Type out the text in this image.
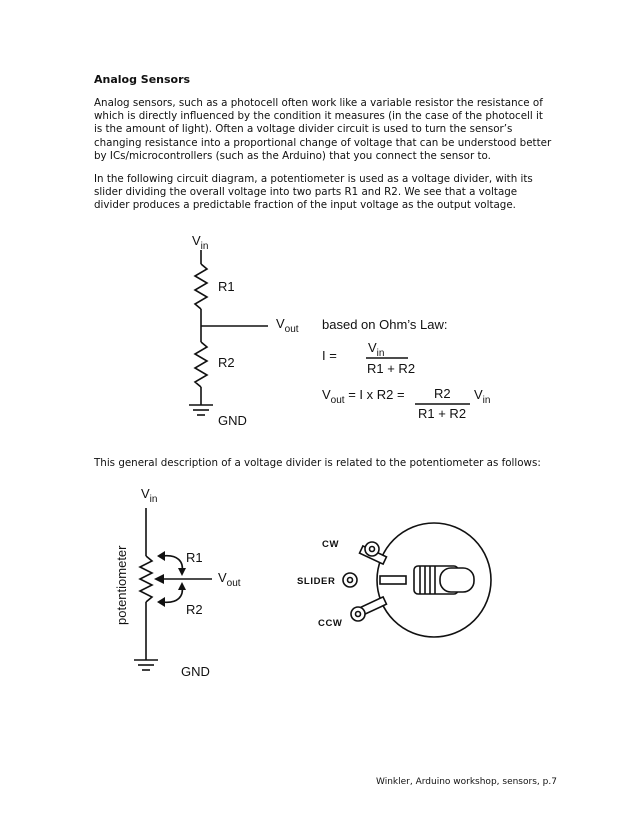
Analog Sensors

Analog sensors, such as a photocell often work like a variable resistor the resistance of which is directly influenced by the condition it measures (in the case of the photocell it is the amount of light). Often a voltage divider circuit is used to turn the sensor’s changing resistance into a proportional change of voltage that can be understood better by ICs/microcontrollers (such as the Arduino) that you connect the sensor to.

In the following circuit diagram, a potentiometer is used as a voltage divider, with its slider dividing the overall voltage into two parts R1 and R2. We see that a voltage divider produces a predictable fraction of the input voltage as the output voltage.

$V_{in}$
R1
$V_{out}$ based on Ohm’s Law:
R2
GND
I =
$V_{in}$
R1 + R2
$V_{out} = I$ x R2 = R2
R1 + R2
$V_{in}$

This general description of a voltage divider is related to the potentiometer as follows:

$V_{in}$
R1
$V_{out}$
R2
GND
potentiometer
CW
SLIDER
CCW
Winkler, Arduino workshop, sensors, p.7
